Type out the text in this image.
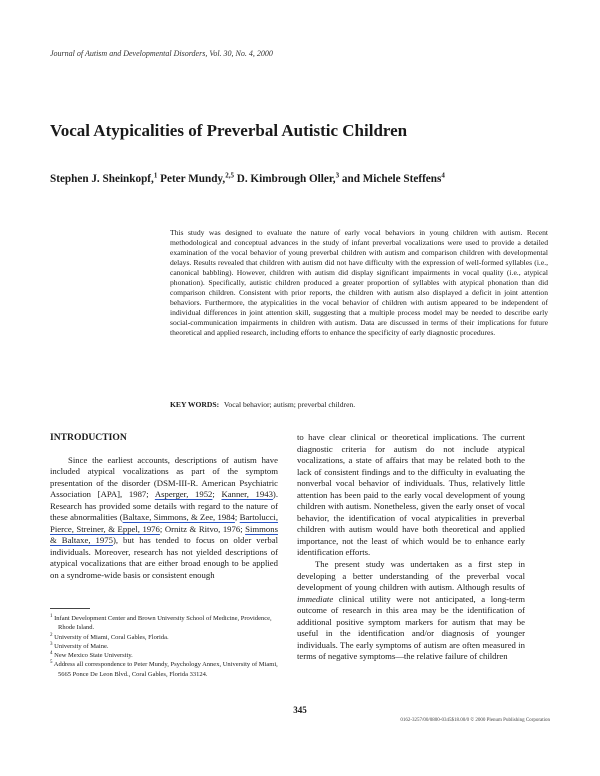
Journal of Autism and Developmental Disorders, Vol. 30, No. 4, 2000
Vocal Atypicalities of Preverbal Autistic Children
Stephen J. Sheinkopf,$^1$ Peter Mundy,$^{2,5}$ D. Kimbrough Oller,$^3$ and Michele Steffens$^4$

This study was designed to evaluate the nature of early vocal behaviors in young children with autism. Recent methodological and conceptual advances in the study of infant preverbal vocalizations were used to provide a detailed examination of the vocal behavior of young preverbal children with autism and comparison children with developmental delays. Results revealed that children with autism did not have difficulty with the expression of well-formed syllables (i.e., canonical babbling). However, children with autism did display significant impairments in vocal quality (i.e., atypical phonation). Specifically, autistic children produced a greater proportion of syllables with atypical phonation than did comparison children. Consistent with prior reports, the children with autism also displayed a deficit in joint attention behaviors. Furthermore, the atypicalities in the vocal behavior of children with autism appeared to be independent of individual differences in joint attention skill, suggesting that a multiple process model may be needed to describe early social-communication impairments in children with autism. Data are discussed in terms of their implications for future theoretical and applied research, including efforts to enhance the specificity of early diagnostic procedures.

KEY WORDS: Vocal behavior; autism; preverbal children.
INTRODUCTION

Since the earliest accounts, descriptions of autism have included atypical vocalizations as part of the symptom presentation of the disorder (DSM-III-R. American Psychiatric Association [APA], 1987; Asperger, 1952; Kanner, 1943). Research has provided some details with regard to the nature of these abnormalities (Baltaxe, Simmons, & Zee, 1984; Bartolucci, Pierce, Streiner, & Eppel, 1976; Ornitz & Ritvo, 1976; Simmons & Baltaxe, 1975), but has tended to focus on older verbal individuals. Moreover, research has not yielded descriptions of atypical vocalizations that are either broad enough to be applied on a syndrome-wide basis or consistent enough

$^1$ Infant Development Center and Brown University School of Medicine, Providence, Rhode Island.
$^2$ University of Miami, Coral Gables, Florida.
$^3$ University of Maine.
$^4$ New Mexico State University.
$^5$ Address all correspondence to Peter Mundy, Psychology Annex, University of Miami, 5665 Ponce De Leon Blvd., Coral Gables, Florida 33124.

to have clear clinical or theoretical implications. The current diagnostic criteria for autism do not include atypical vocalizations, a state of affairs that may be related both to the lack of consistent findings and to the difficulty in evaluating the nonverbal vocal behavior of individuals. Thus, relatively little attention has been paid to the early vocal development of young children with autism. Nonetheless, given the early onset of vocal behavior, the identification of vocal atypicalities in preverbal children with autism would have both theoretical and applied importance, not the least of which would be to enhance early identification efforts.

The present study was undertaken as a first step in developing a better understanding of the preverbal vocal development of young children with autism. Although results of immediate clinical utility were not anticipated, a long-term outcome of research in this area may be the identification of additional positive symptom markers for autism that may be useful in the identification and/or diagnosis of younger individuals. The early symptoms of autism are often measured in terms of negative symptoms—the relative failure of children

345
0162-3257/00/0800-0345$18.00/0 © 2000 Plenum Publishing Corporation
